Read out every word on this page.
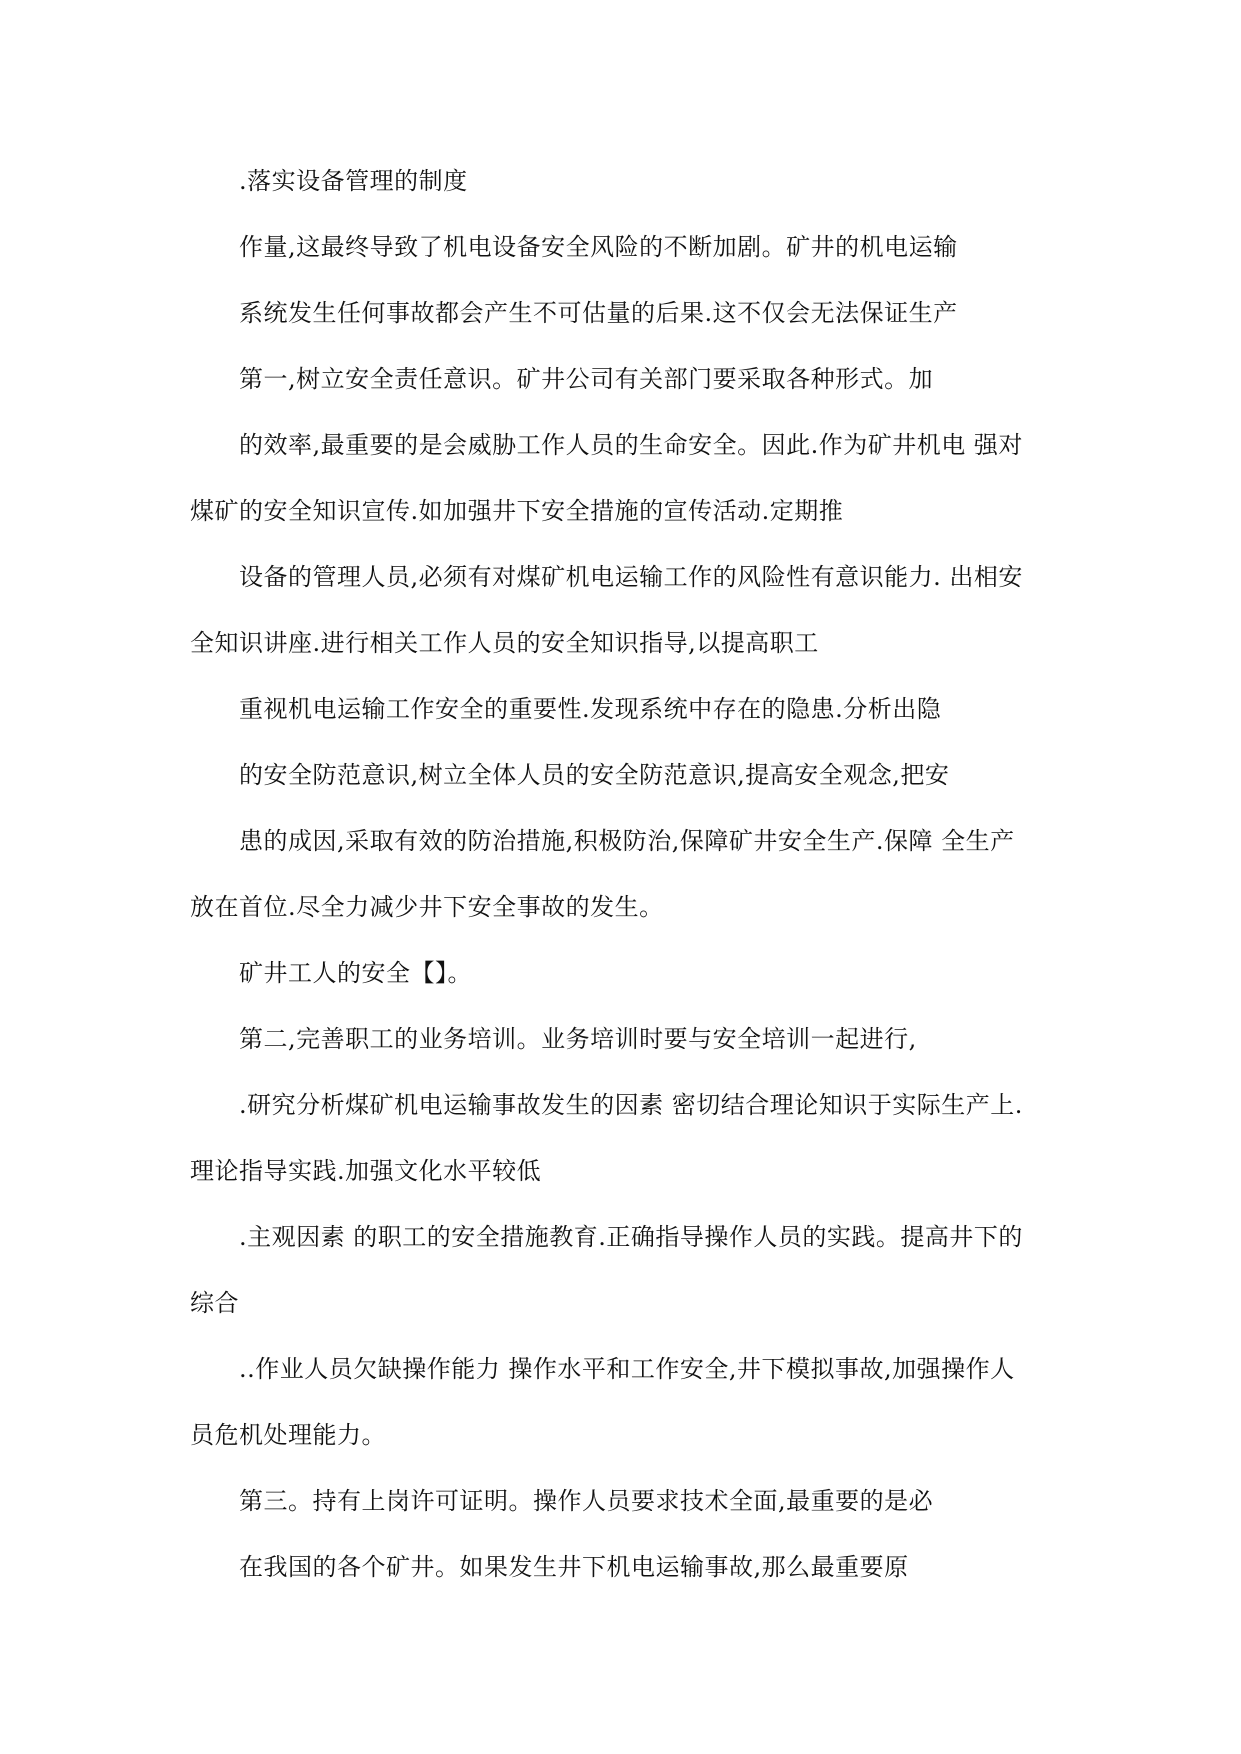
.落实设备管理的制度
作量,这最终导致了机电设备安全风险的不断加剧。矿井的机电运输
系统发生任何事故都会产生不可估量的后果.这不仅会无法保证生产
第一,树立安全责任意识。矿井公司有关部门要采取各种形式。加
的效率,最重要的是会威胁工作人员的生命安全。因此.作为矿井机电 强对
煤矿的安全知识宣传.如加强井下安全措施的宣传活动.定期推
设备的管理人员,必须有对煤矿机电运输工作的风险性有意识能力. 出相安
全知识讲座.进行相关工作人员的安全知识指导,以提高职工
重视机电运输工作安全的重要性.发现系统中存在的隐患.分析出隐
的安全防范意识,树立全体人员的安全防范意识,提高安全观念,把安
患的成因,采取有效的防治措施,积极防治,保障矿井安全生产.保障 全生产
放在首位.尽全力减少井下安全事故的发生。
矿井工人的安全【】。
第二,完善职工的业务培训。业务培训时要与安全培训一起进行,
.研究分析煤矿机电运输事故发生的因素 密切结合理论知识于实际生产上.
理论指导实践.加强文化水平较低
.主观因素 的职工的安全措施教育.正确指导操作人员的实践。提高井下的
综合
..作业人员欠缺操作能力 操作水平和工作安全,井下模拟事故,加强操作人
员危机处理能力。
第三。持有上岗许可证明。操作人员要求技术全面,最重要的是必
在我国的各个矿井。如果发生井下机电运输事故,那么最重要原
